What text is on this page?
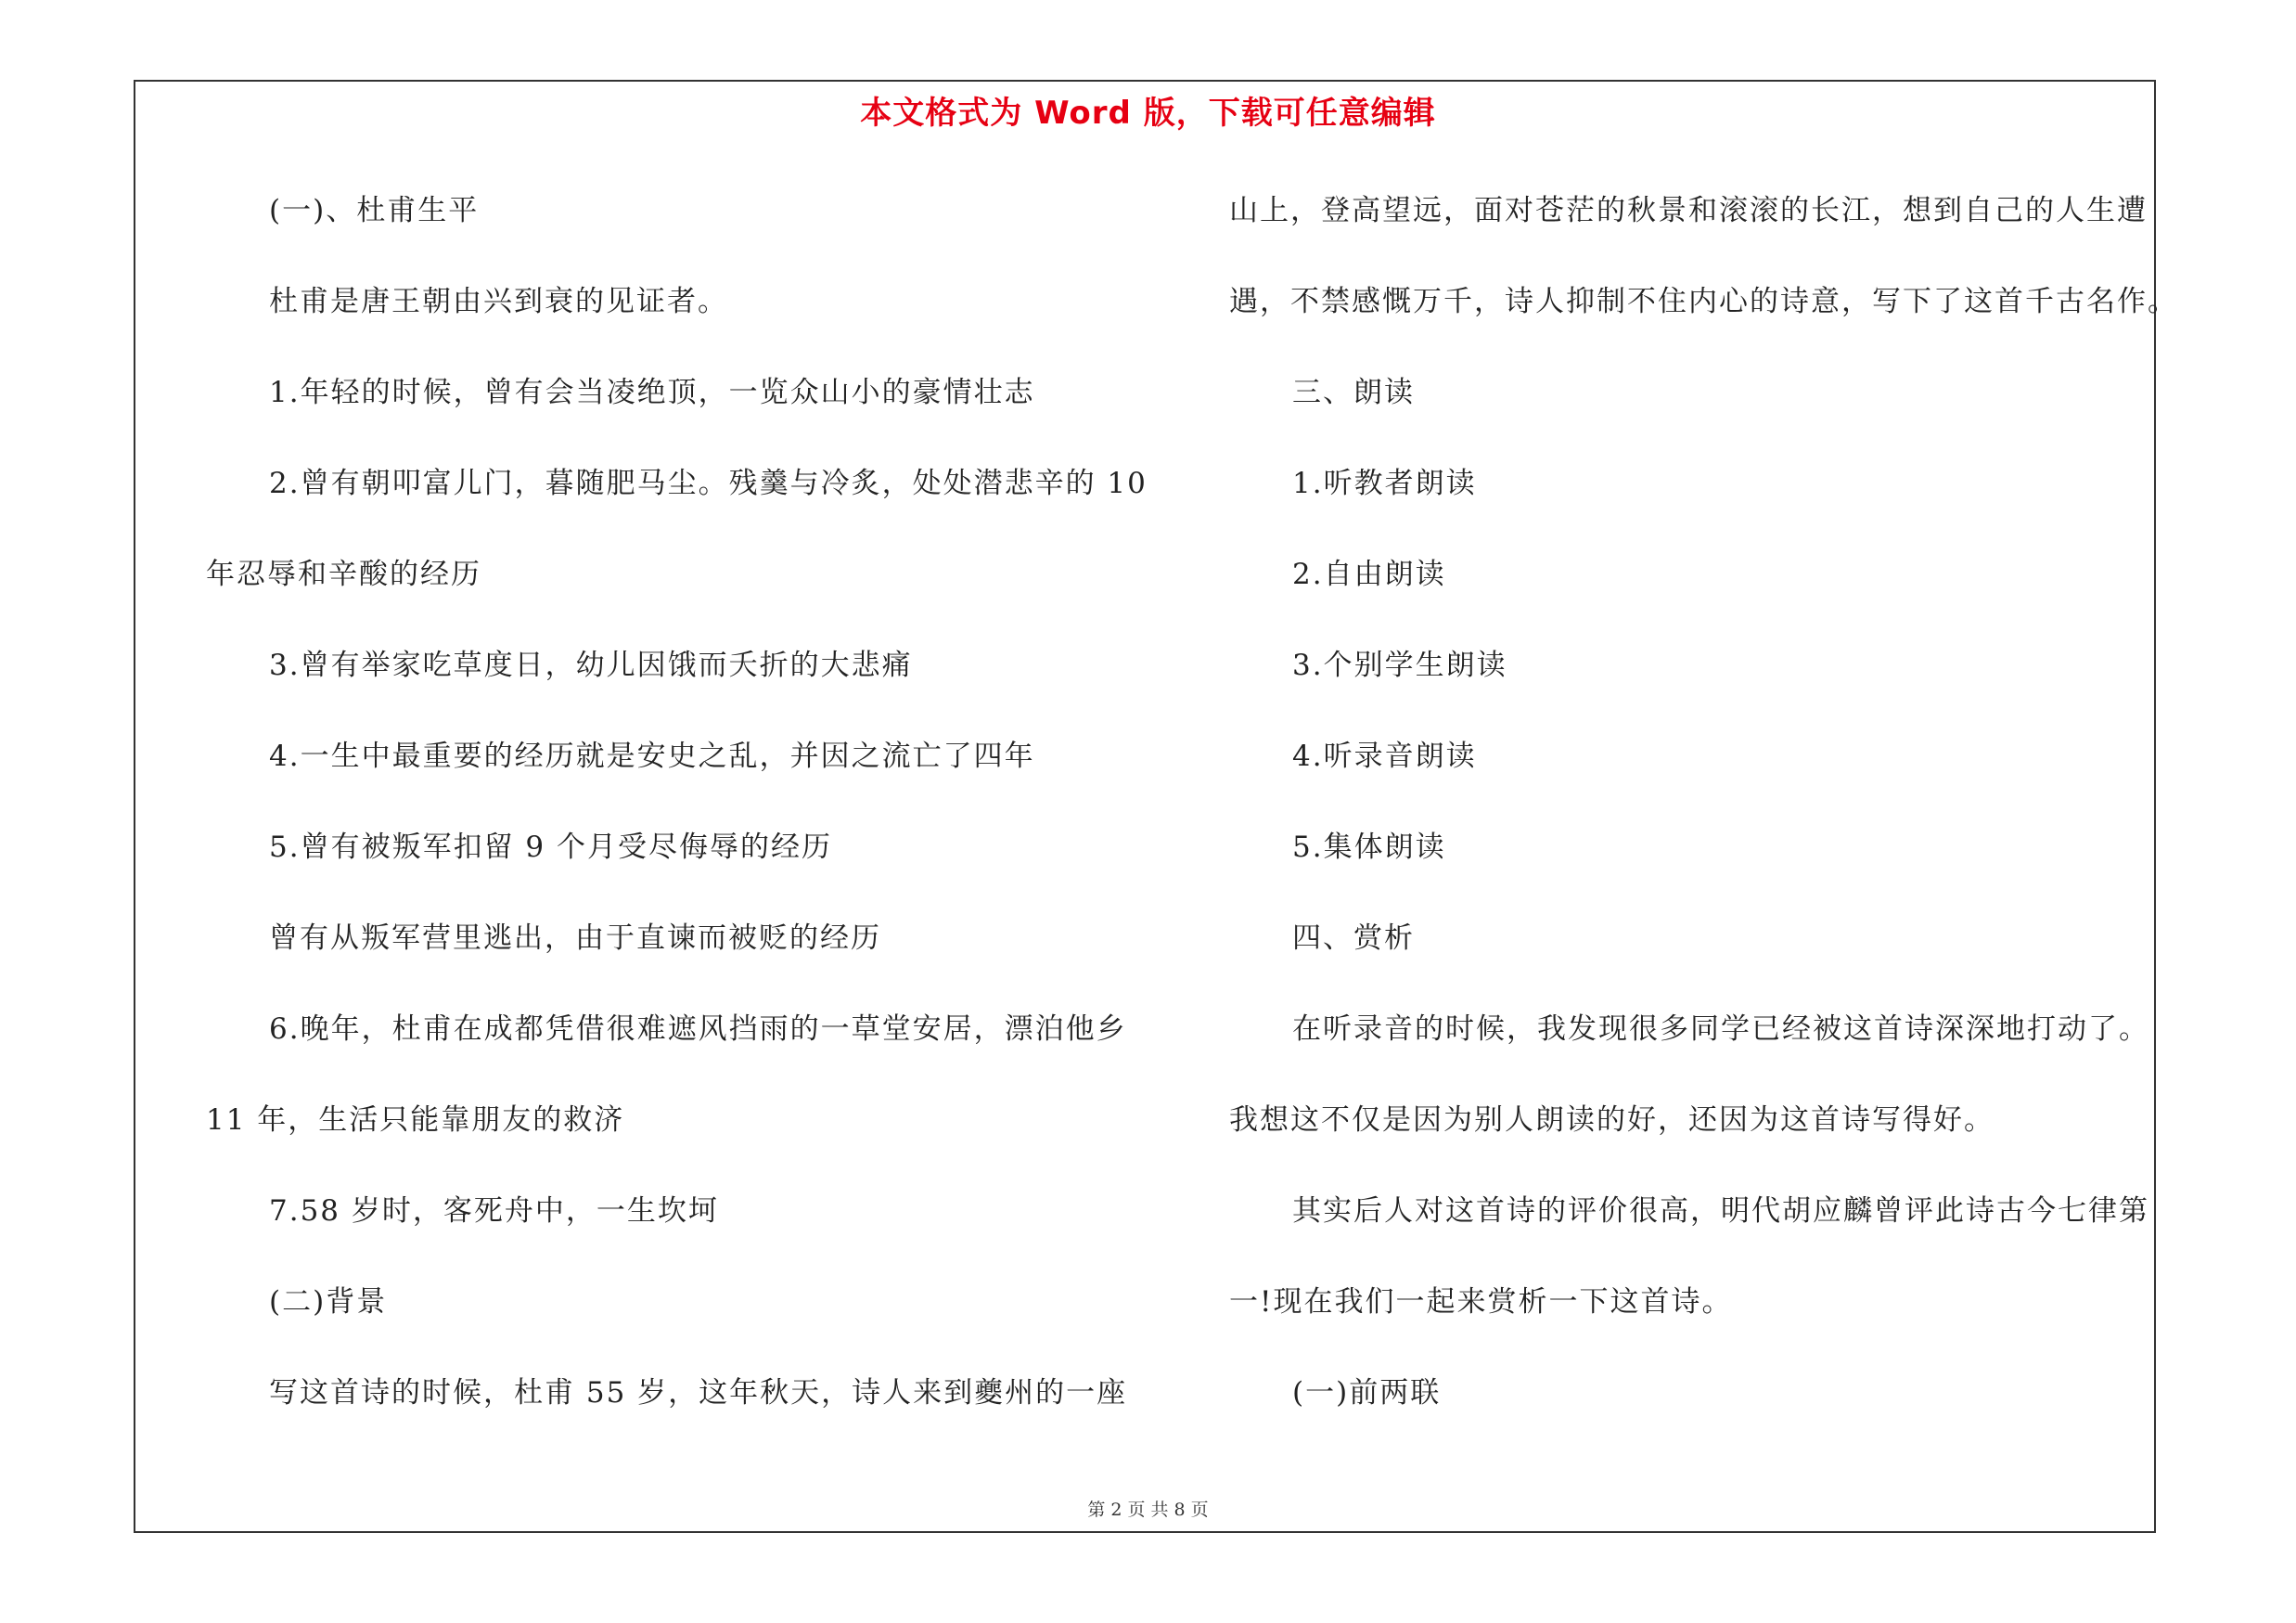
本文格式为 Word 版，下载可任意编辑
(一)、杜甫生平
杜甫是唐王朝由兴到衰的见证者。
1.年轻的时候，曾有会当凌绝顶，一览众山小的豪情壮志
2.曾有朝叩富儿门，暮随肥马尘。残羹与冷炙，处处潜悲辛的 10
年忍辱和辛酸的经历
3.曾有举家吃草度日，幼儿因饿而夭折的大悲痛
4.一生中最重要的经历就是安史之乱，并因之流亡了四年
5.曾有被叛军扣留 9 个月受尽侮辱的经历
曾有从叛军营里逃出，由于直谏而被贬的经历
6.晚年，杜甫在成都凭借很难遮风挡雨的一草堂安居，漂泊他乡
11 年，生活只能靠朋友的救济
7.58 岁时，客死舟中，一生坎坷
(二)背景
写这首诗的时候，杜甫 55 岁，这年秋天，诗人来到夔州的一座
山上，登高望远，面对苍茫的秋景和滚滚的长江，想到自己的人生遭
遇，不禁感慨万千，诗人抑制不住内心的诗意，写下了这首千古名作。
三、朗读
1.听教者朗读
2.自由朗读
3.个别学生朗读
4.听录音朗读
5.集体朗读
四、赏析
在听录音的时候，我发现很多同学已经被这首诗深深地打动了。
我想这不仅是因为别人朗读的好，还因为这首诗写得好。
其实后人对这首诗的评价很高，明代胡应麟曾评此诗古今七律第
一!现在我们一起来赏析一下这首诗。
(一)前两联
第 2 页 共 8 页
